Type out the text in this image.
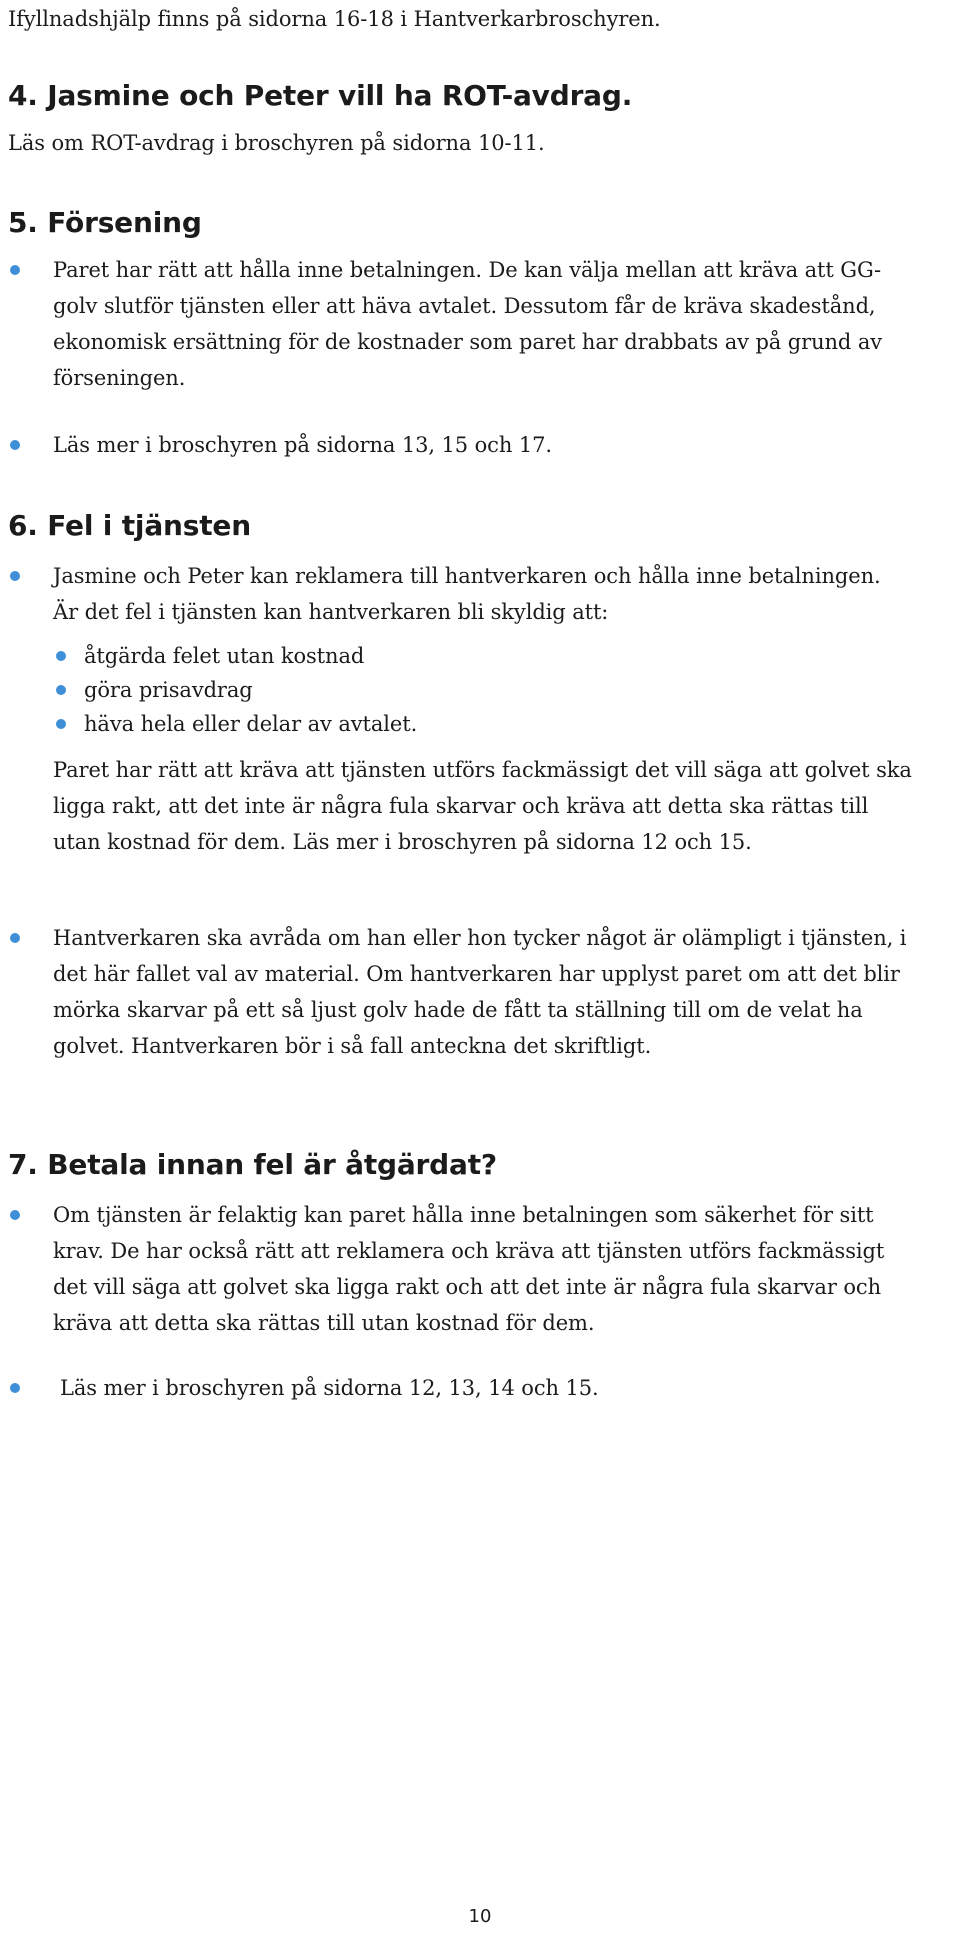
Ifyllnadshjälp finns på sidorna 16-18 i Hantverkarbroschyren.
4. Jasmine och Peter vill ha ROT-avdrag.
Läs om ROT-avdrag i broschyren på sidorna 10-11.
5. Försening
Paret har rätt att hålla inne betalningen. De kan välja mellan att kräva att GG-golv slutför tjänsten eller att häva avtalet. Dessutom får de kräva skadestånd, ekonomisk ersättning för de kostnader som paret har drabbats av på grund av förseningen.
Läs mer i broschyren på sidorna 13, 15 och 17.
6. Fel i tjänsten
Jasmine och Peter kan reklamera till hantverkaren och hålla inne betalningen. Är det fel i tjänsten kan hantverkaren bli skyldig att:
åtgärda felet utan kostnad
göra prisavdrag
häva hela eller delar av avtalet.
Paret har rätt att kräva att tjänsten utförs fackmässigt det vill säga att golvet ska ligga rakt, att det inte är några fula skarvar och kräva att detta ska rättas till utan kostnad för dem. Läs mer i broschyren på sidorna 12 och 15.
Hantverkaren ska avråda om han eller hon tycker något är olämpligt i tjänsten, i det här fallet val av material. Om hantverkaren har upplyst paret om att det blir mörka skarvar på ett så ljust golv hade de fått ta ställning till om de velat ha golvet. Hantverkaren bör i så fall anteckna det skriftligt.
7. Betala innan fel är åtgärdat?
Om tjänsten är felaktig kan paret hålla inne betalningen som säkerhet för sitt krav. De har också rätt att reklamera och kräva att tjänsten utförs fackmässigt det vill säga att golvet ska ligga rakt och att det inte är några fula skarvar och kräva att detta ska rättas till utan kostnad för dem.
Läs mer i broschyren på sidorna 12, 13, 14 och 15.
10
